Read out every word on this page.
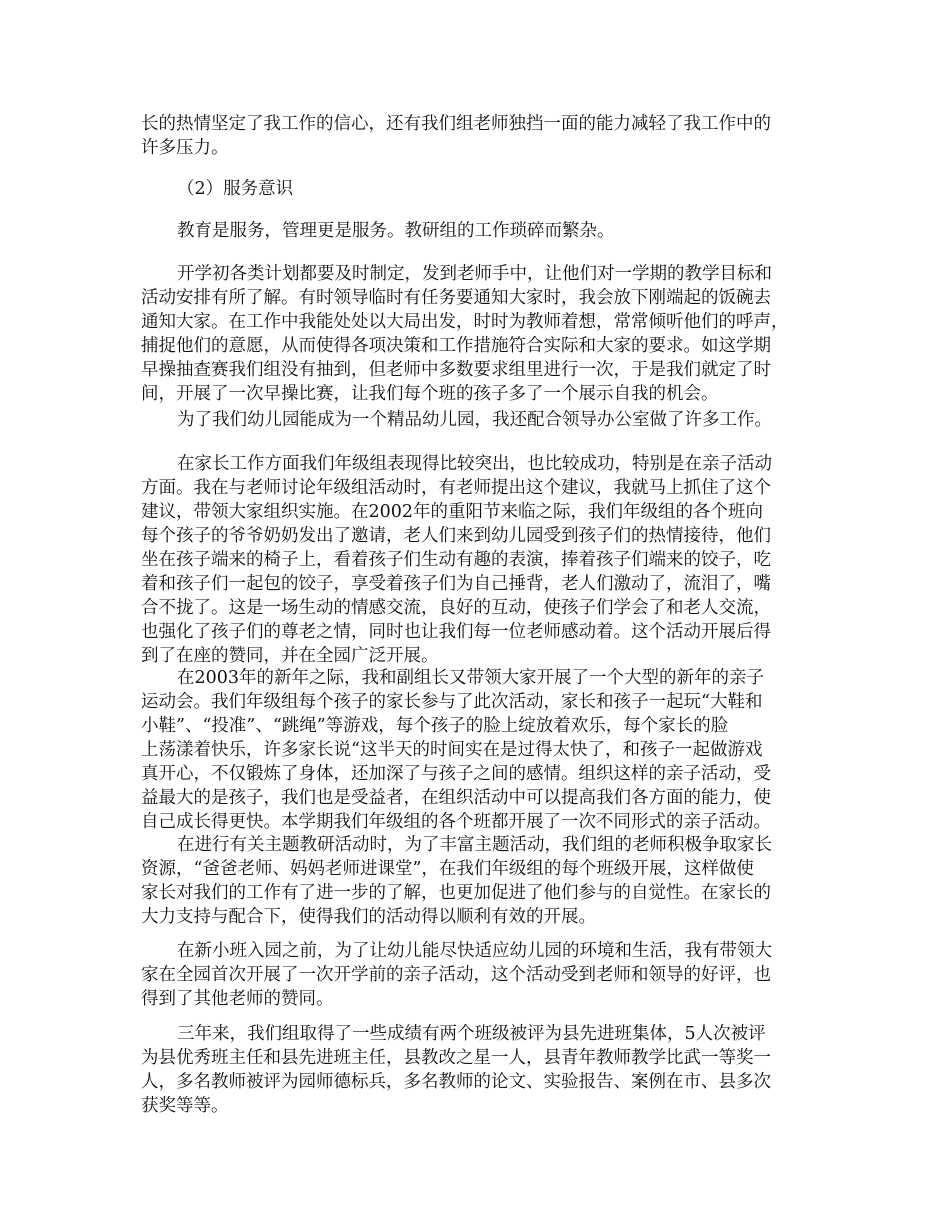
长的热情坚定了我工作的信心，还有我们组老师独挡一面的能力减轻了我工作中的
许多压力。
（2）服务意识
教育是服务，管理更是服务。教研组的工作琐碎而繁杂。
开学初各类计划都要及时制定，发到老师手中，让他们对一学期的教学目标和
活动安排有所了解。有时领导临时有任务要通知大家时，我会放下刚端起的饭碗去
通知大家。在工作中我能处处以大局出发，时时为教师着想，常常倾听他们的呼声，
捕捉他们的意愿，从而使得各项决策和工作措施符合实际和大家的要求。如这学期
早操抽查赛我们组没有抽到，但老师中多数要求组里进行一次，于是我们就定了时
间，开展了一次早操比赛，让我们每个班的孩子多了一个展示自我的机会。
为了我们幼儿园能成为一个精品幼儿园，我还配合领导办公室做了许多工作。
在家长工作方面我们年级组表现得比较突出，也比较成功，特别是在亲子活动
方面。我在与老师讨论年级组活动时，有老师提出这个建议，我就马上抓住了这个
建议，带领大家组织实施。在2002年的重阳节来临之际，我们年级组的各个班向
每个孩子的爷爷奶奶发出了邀请，老人们来到幼儿园受到孩子们的热情接待，他们
坐在孩子端来的椅子上，看着孩子们生动有趣的表演，捧着孩子们端来的饺子，吃
着和孩子们一起包的饺子，享受着孩子们为自己捶背，老人们激动了，流泪了，嘴
合不拢了。这是一场生动的情感交流，良好的互动，使孩子们学会了和老人交流，
也强化了孩子们的尊老之情，同时也让我们每一位老师感动着。这个活动开展后得
到了在座的赞同，并在全园广泛开展。
在2003年的新年之际，我和副组长又带领大家开展了一个大型的新年的亲子
运动会。我们年级组每个孩子的家长参与了此次活动，家长和孩子一起玩“大鞋和
小鞋”、“投准”、“跳绳”等游戏，每个孩子的脸上绽放着欢乐，每个家长的脸
上荡漾着快乐，许多家长说“这半天的时间实在是过得太快了，和孩子一起做游戏
真开心，不仅锻炼了身体，还加深了与孩子之间的感情。组织这样的亲子活动，受
益最大的是孩子，我们也是受益者，在组织活动中可以提高我们各方面的能力，使
自己成长得更快。本学期我们年级组的各个班都开展了一次不同形式的亲子活动。
在进行有关主题教研活动时，为了丰富主题活动，我们组的老师积极争取家长
资源，“爸爸老师、妈妈老师进课堂”，在我们年级组的每个班级开展，这样做使
家长对我们的工作有了进一步的了解，也更加促进了他们参与的自觉性。在家长的
大力支持与配合下，使得我们的活动得以顺利有效的开展。
在新小班入园之前，为了让幼儿能尽快适应幼儿园的环境和生活，我有带领大
家在全园首次开展了一次开学前的亲子活动，这个活动受到老师和领导的好评，也
得到了其他老师的赞同。
三年来，我们组取得了一些成绩有两个班级被评为县先进班集体，5人次被评
为县优秀班主任和县先进班主任，县教改之星一人，县青年教师教学比武一等奖一
人，多名教师被评为园师德标兵，多名教师的论文、实验报告、案例在市、县多次
获奖等等。
